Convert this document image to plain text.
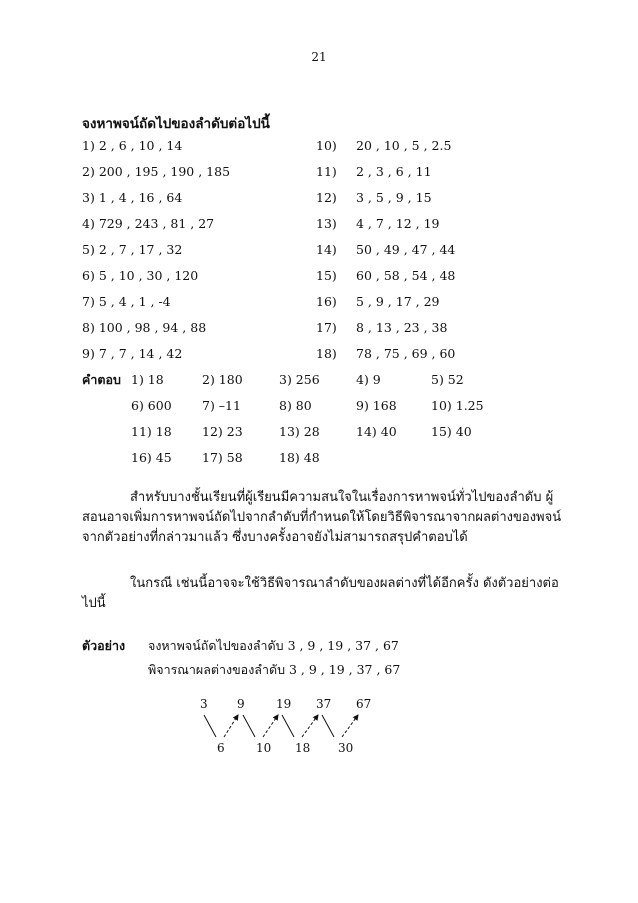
21
จงหาพจน์ถัดไปของลำดับต่อไปนี้
1) 2 , 6 , 10 , 14
2) 200 , 195 , 190 , 185
3) 1 , 4 , 16 , 64
4) 729 , 243 , 81 , 27
5) 2 , 7 , 17 , 32
6) 5 , 10 , 30 , 120
7) 5 , 4 , 1 , -4
8) 100 , 98 , 94 , 88
9) 7 , 7 , 14 , 42
10) 20 , 10 , 5 , 2.5
11) 2 , 3 , 6 , 11
12) 3 , 5 , 9 , 15
13) 4 , 7 , 12 , 19
14) 50 , 49 , 47 , 44
15) 60 , 58 , 54 , 48
16) 5 , 9 , 17 , 29
17) 8 , 13 , 23 , 38
18) 78 , 75 , 69 , 60
คำตอบ 1) 18	2) 180	3) 256	4) 9	5) 52
6) 600 7) –11	8) 80	9) 168	10) 1.25
11) 18 12) 23	13) 28	14) 40	15) 40
16) 45 17) 58	18) 48
สำหรับบางชั้นเรียนที่ผู้เรียนมีความสนใจในเรื่องการหาพจน์ทั่วไปของลำดับ ผู้สอนอาจเพิ่มการหาพจน์ถัดไปจากลำดับที่กำหนดให้โดยวิธีพิจารณาจากผลต่างของพจน์จากตัวอย่างที่กล่าวมาแล้ว ซึ่งบางครั้งอาจยังไม่สามารถสรุปคำตอบได้
ในกรณี เช่นนี้อาจจะใช้วิธีพิจารณาลำดับของผลต่างที่ได้อีกครั้ง ดังตัวอย่างต่อไปนี้
ตัวอย่าง จงหาพจน์ถัดไปของลำดับ 3 , 9 , 19 , 37 , 67
พิจารณาผลต่างของลำดับ 3 , 9 , 19 , 37 , 67
3 9	19 37 67
6	10 18 30
